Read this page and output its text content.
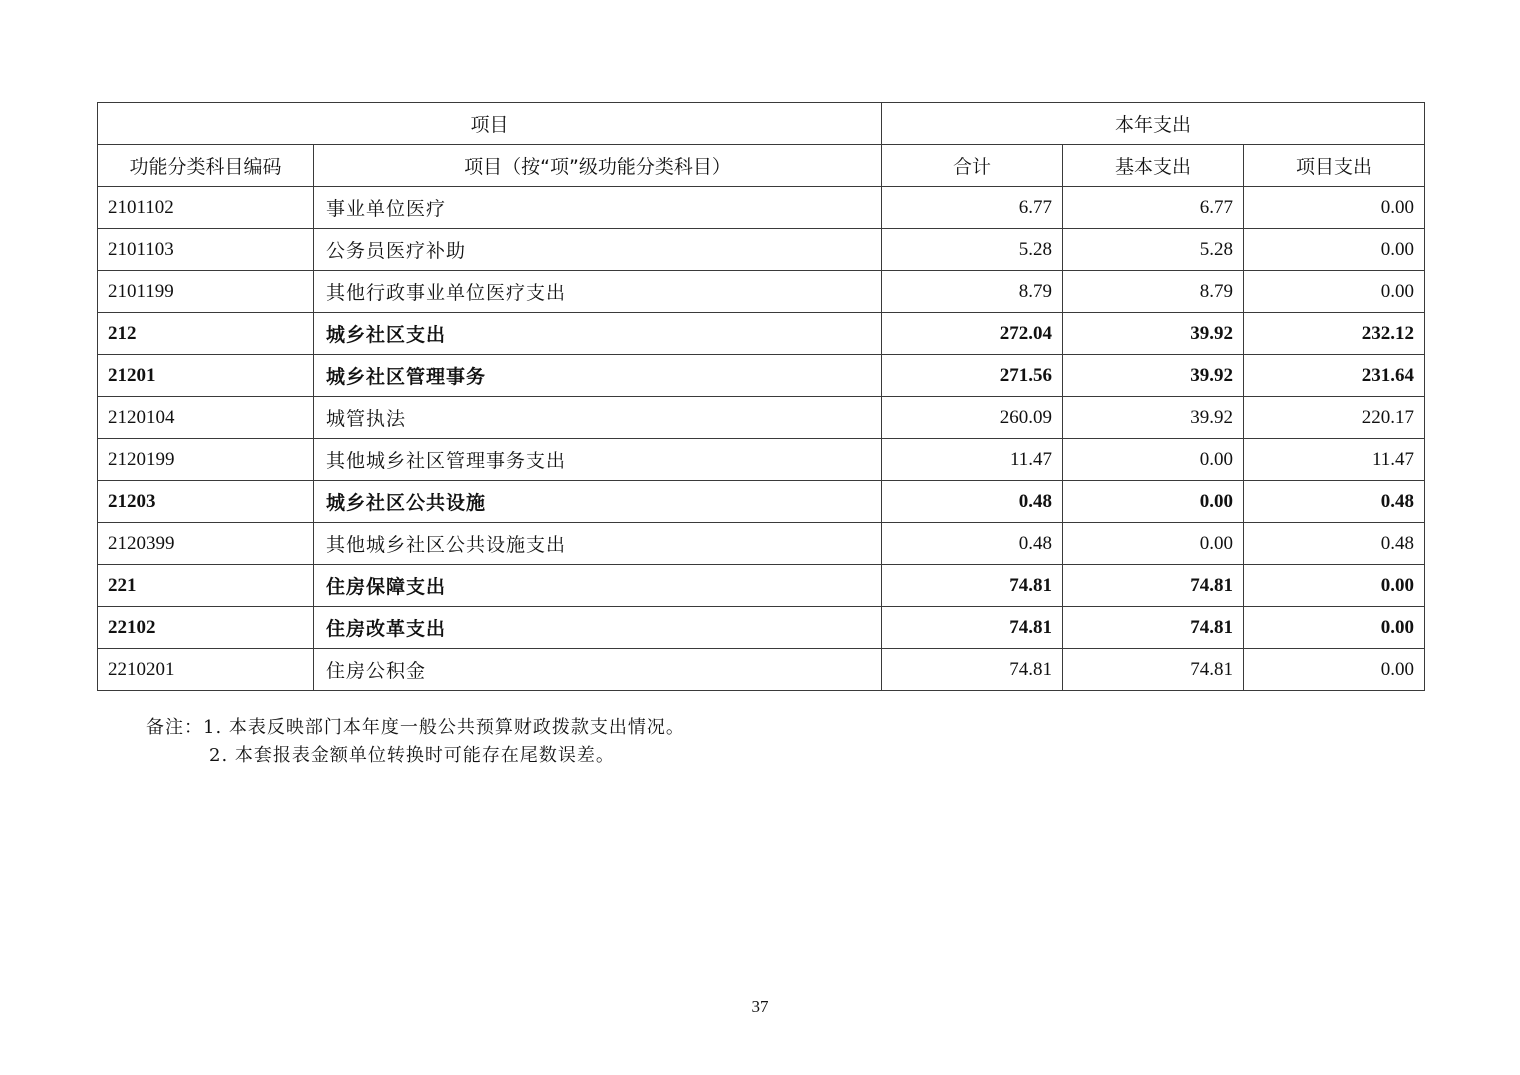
项目		本年支出		
功能分类科目编码	项目（按“项”级功能分类科目）	合计	基本支出	项目支出
2101102	事业单位医疗	6.77	6.77	0.00
2101103	公务员医疗补助	5.28	5.28	0.00
2101199	其他行政事业单位医疗支出	8.79	8.79	0.00
212	城乡社区支出	272.04	39.92	232.12
21201	城乡社区管理事务	271.56	39.92	231.64
2120104	城管执法	260.09	39.92	220.17
2120199	其他城乡社区管理事务支出	11.47	0.00	11.47
21203	城乡社区公共设施	0.48	0.00	0.48
2120399	其他城乡社区公共设施支出	0.48	0.00	0.48
221	住房保障支出	74.81	74.81	0.00
22102	住房改革支出	74.81	74.81	0.00
2210201	住房公积金	74.81	74.81	0.00
备注：1. 本表反映部门本年度一般公共预算财政拨款支出情况。
2. 本套报表金额单位转换时可能存在尾数误差。
37
